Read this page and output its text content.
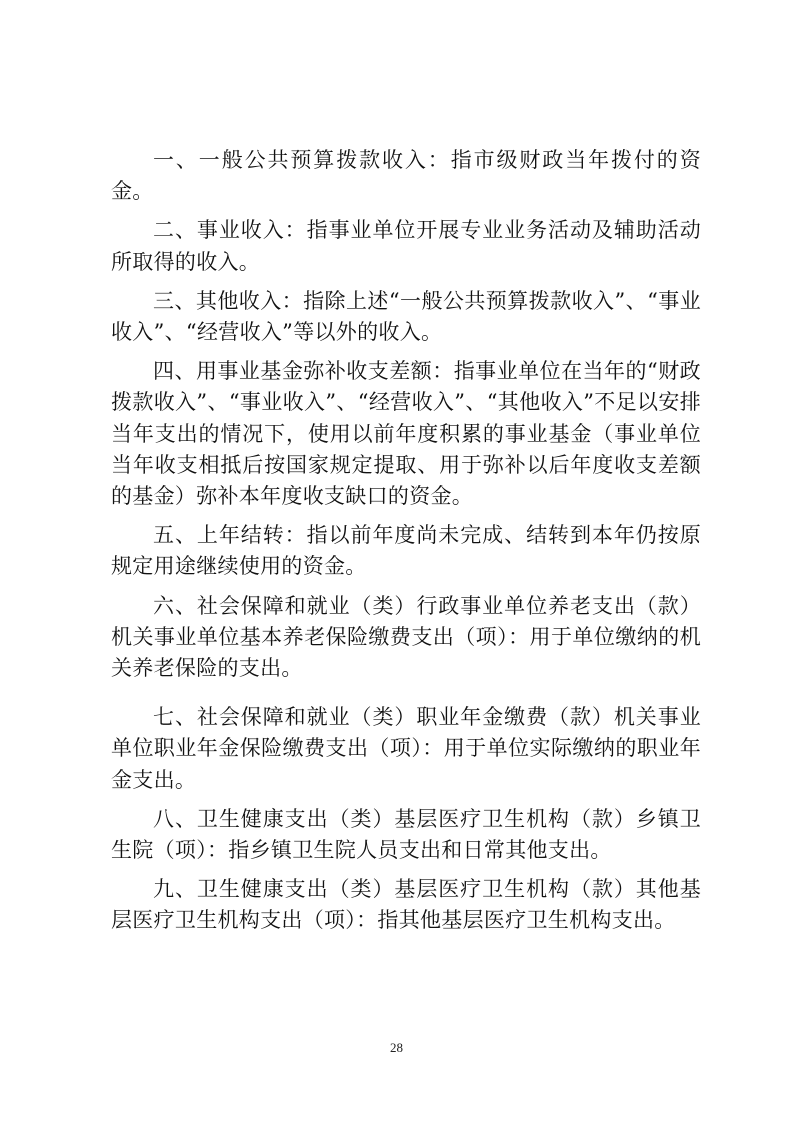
一、一般公共预算拨款收入：指市级财政当年拨付的资金。

二、事业收入：指事业单位开展专业业务活动及辅助活动所取得的收入。

三、其他收入：指除上述“一般公共预算拨款收入”、“事业收入”、“经营收入”等以外的收入。

四、用事业基金弥补收支差额：指事业单位在当年的“财政拨款收入”、“事业收入”、“经营收入”、“其他收入”不足以安排当年支出的情况下，使用以前年度积累的事业基金（事业单位当年收支相抵后按国家规定提取、用于弥补以后年度收支差额的基金）弥补本年度收支缺口的资金。

五、上年结转：指以前年度尚未完成、结转到本年仍按原规定用途继续使用的资金。

六、社会保障和就业（类）行政事业单位养老支出（款）机关事业单位基本养老保险缴费支出（项）：用于单位缴纳的机关养老保险的支出。

七、社会保障和就业（类）职业年金缴费（款）机关事业单位职业年金保险缴费支出（项）：用于单位实际缴纳的职业年金支出。

八、卫生健康支出（类）基层医疗卫生机构（款）乡镇卫生院（项）：指乡镇卫生院人员支出和日常其他支出。

九、卫生健康支出（类）基层医疗卫生机构（款）其他基层医疗卫生机构支出（项）：指其他基层医疗卫生机构支出。

28
